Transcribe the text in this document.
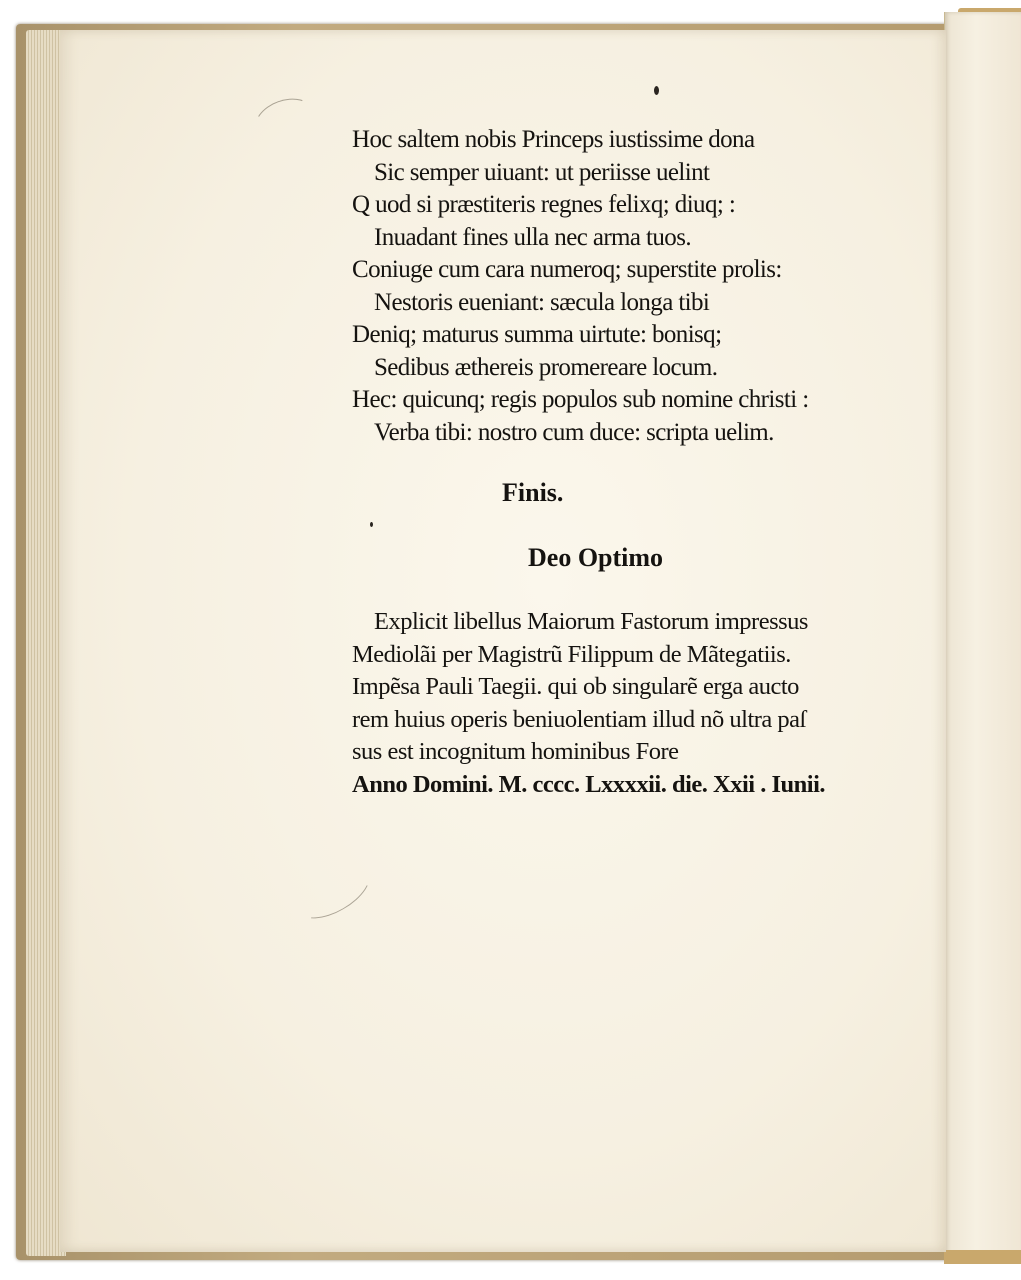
Hoc saltem nobis Princeps iustissime dona
Sic semper uiuant: ut periisse uelint
Q uod si præstiteris regnes felixq; diuq; :
Inuadant fines ulla nec arma tuos.
Coniuge cum cara numeroq; superstite prolis:
Nestoris eueniant: sæcula longa tibi
Deniq; maturus summa uirtute: bonisq;
Sedibus æthereis promereare locum.
Hec: quicunq; regis populos sub nomine christi :
Verba tibi: nostro cum duce: scripta uelim.
Finis.
Deo Optimo
Explicit libellus Maiorum Fastorum impressus
Mediolãi per Magistrũ Filippum de Mãtegatiis.
Impẽsa Pauli Taegii. qui ob singularẽ erga aucto
rem huius operis beniuolentiam illud nõ ultra paſ
sus est incognitum hominibus Fore
Anno Domini. M. cccc. Lxxxxii. die. Xxii . Iunii.
